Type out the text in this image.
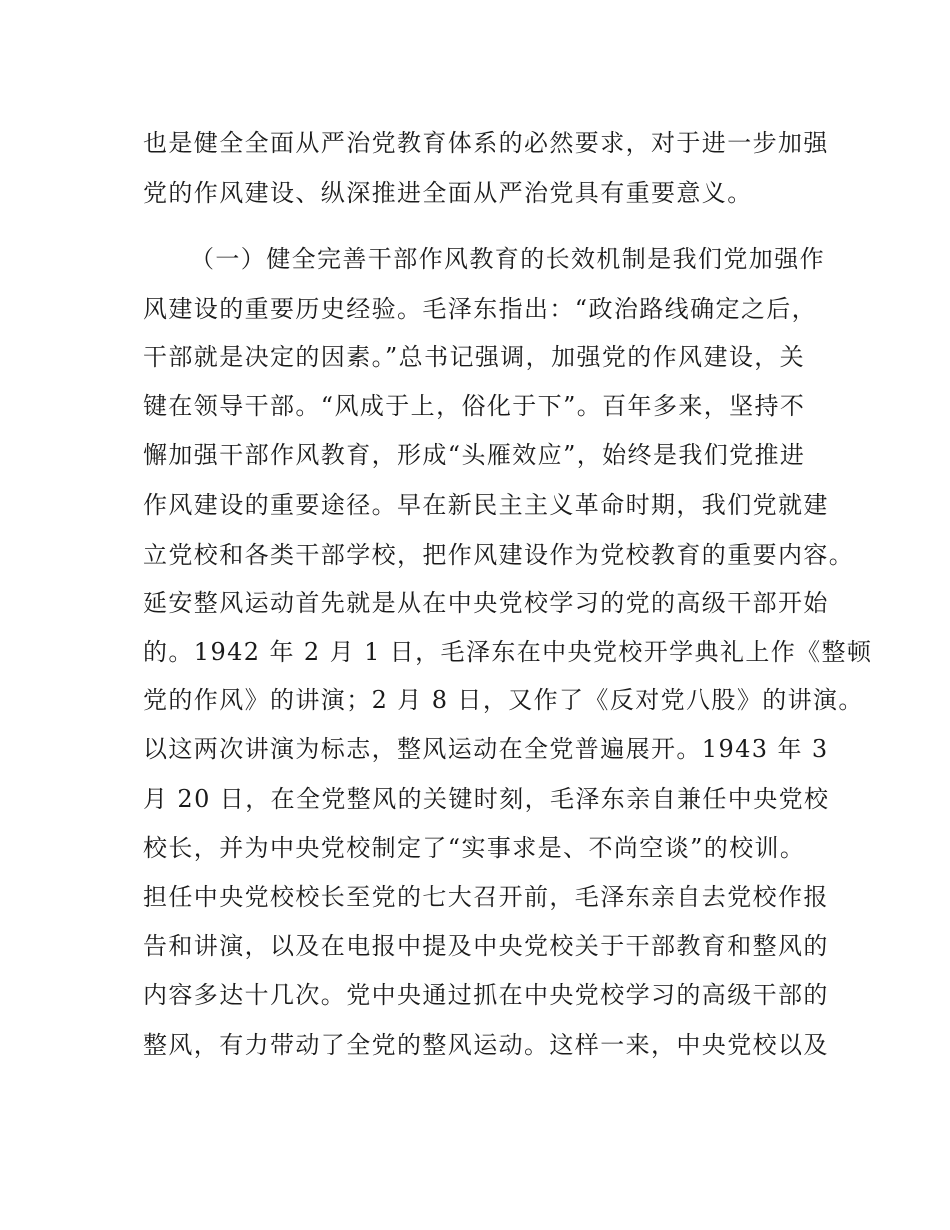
也是健全全面从严治党教育体系的必然要求，对于进一步加强
党的作风建设、纵深推进全面从严治党具有重要意义。
（一）健全完善干部作风教育的长效机制是我们党加强作
风建设的重要历史经验。毛泽东指出：“政治路线确定之后，
干部就是决定的因素。”总书记强调，加强党的作风建设，关
键在领导干部。“风成于上，俗化于下”。百年多来，坚持不
懈加强干部作风教育，形成“头雁效应”，始终是我们党推进
作风建设的重要途径。早在新民主主义革命时期，我们党就建
立党校和各类干部学校，把作风建设作为党校教育的重要内容。
延安整风运动首先就是从在中央党校学习的党的高级干部开始
的。1942 年 2 月 1 日，毛泽东在中央党校开学典礼上作《整顿
党的作风》的讲演；2 月 8 日，又作了《反对党八股》的讲演。
以这两次讲演为标志，整风运动在全党普遍展开。1943 年 3
月 20 日，在全党整风的关键时刻，毛泽东亲自兼任中央党校
校长，并为中央党校制定了“实事求是、不尚空谈”的校训。
担任中央党校校长至党的七大召开前，毛泽东亲自去党校作报
告和讲演，以及在电报中提及中央党校关于干部教育和整风的
内容多达十几次。党中央通过抓在中央党校学习的高级干部的
整风，有力带动了全党的整风运动。这样一来，中央党校以及
